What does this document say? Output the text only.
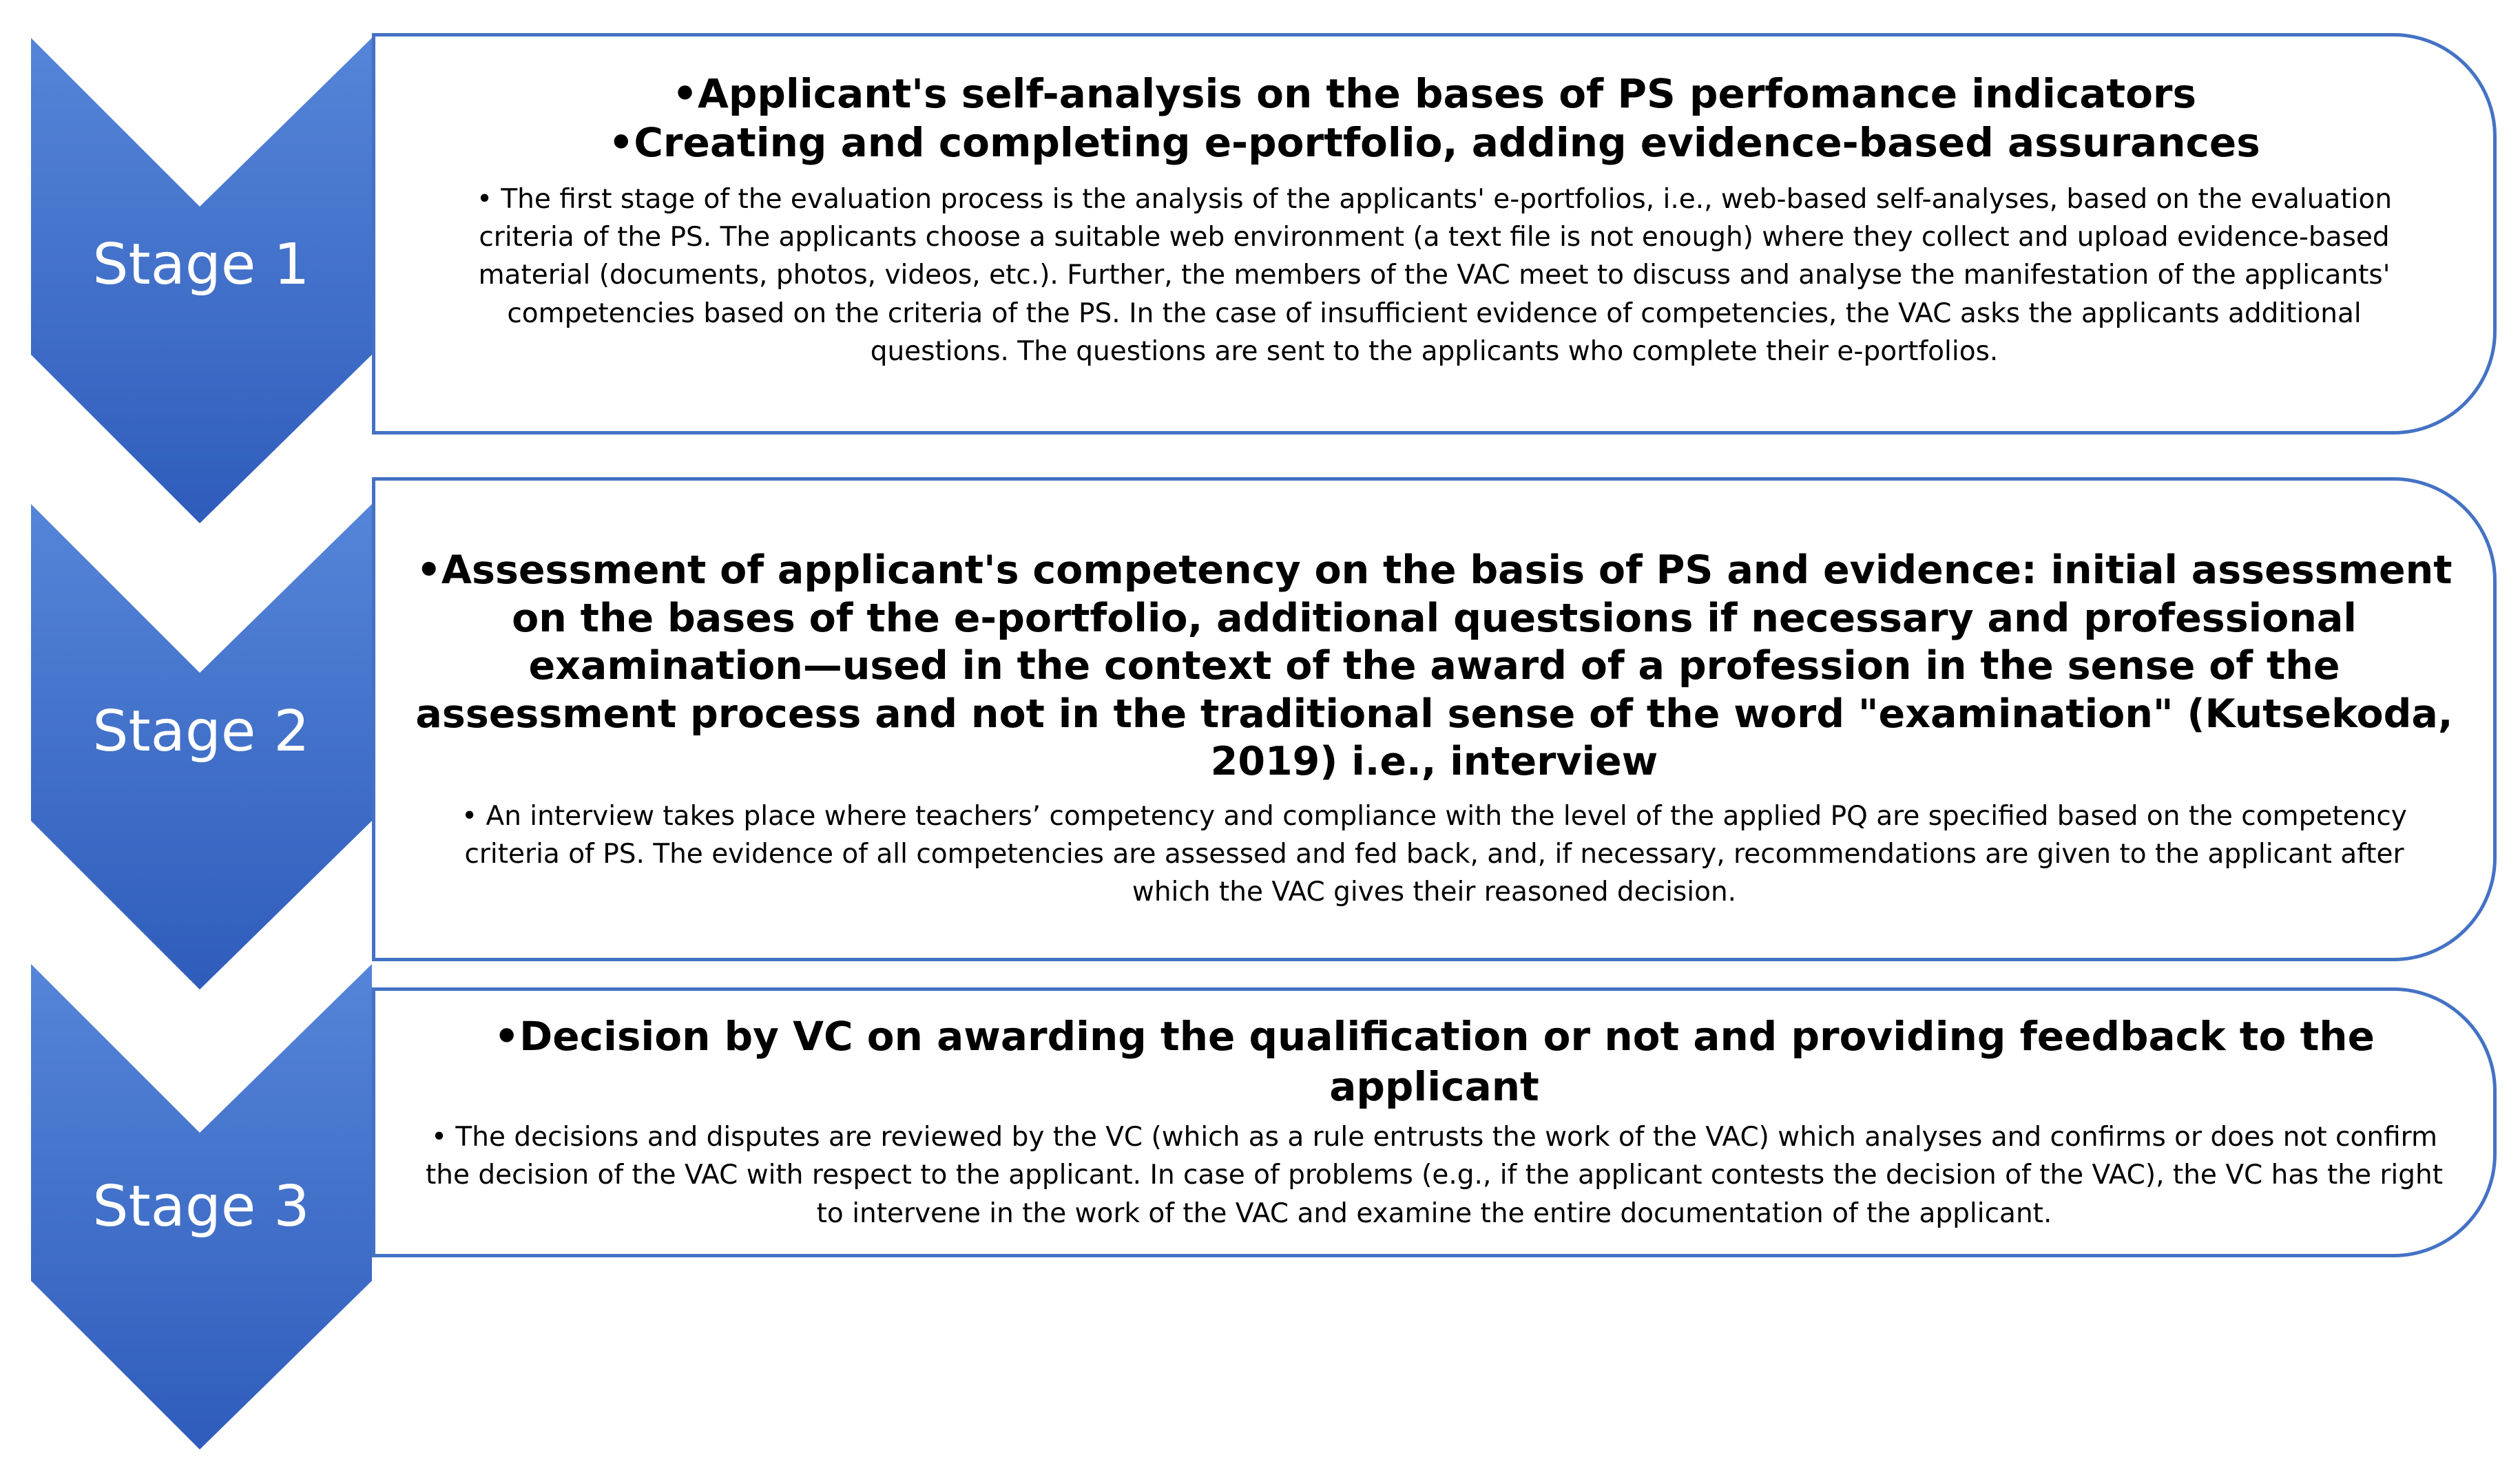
Stage 1
Stage 2
Stage 3

•Applicant's self-analysis on the bases of PS perfomance indicators

•Creating and completing e-portfolio, adding evidence-based assurances

• The first stage of the evaluation process is the analysis of the applicants' e-portfolios, i.e., web-based self-analyses, based on the evaluation criteria of the PS. The applicants choose a suitable web environment (a text file is not enough) where they collect and upload evidence-based material (documents, photos, videos, etc.). Further, the members of the VAC meet to discuss and analyse the manifestation of the applicants' competencies based on the criteria of the PS. In the case of insufficient evidence of competencies, the VAC asks the applicants additional questions. The questions are sent to the applicants who complete their e-portfolios.

•Assessment of applicant's competency on the basis of PS and evidence: initial assessment on the bases of the e-portfolio, additional questsions if necessary and professional examination—used in the context of the award of a profession in the sense of the assessment process and not in the traditional sense of the word "examination" (Kutsekoda, 2019) i.e., interview

• An interview takes place where teachers’ competency and compliance with the level of the applied PQ are specified based on the competency criteria of PS. The evidence of all competencies are assessed and fed back, and, if necessary, recommendations are given to the applicant after which the VAC gives their reasoned decision.

•Decision by VC on awarding the qualification or not and providing feedback to the applicant

• The decisions and disputes are reviewed by the VC (which as a rule entrusts the work of the VAC) which analyses and confirms or does not confirm the decision of the VAC with respect to the applicant. In case of problems (e.g., if the applicant contests the decision of the VAC), the VC has the right to intervene in the work of the VAC and examine the entire documentation of the applicant.
